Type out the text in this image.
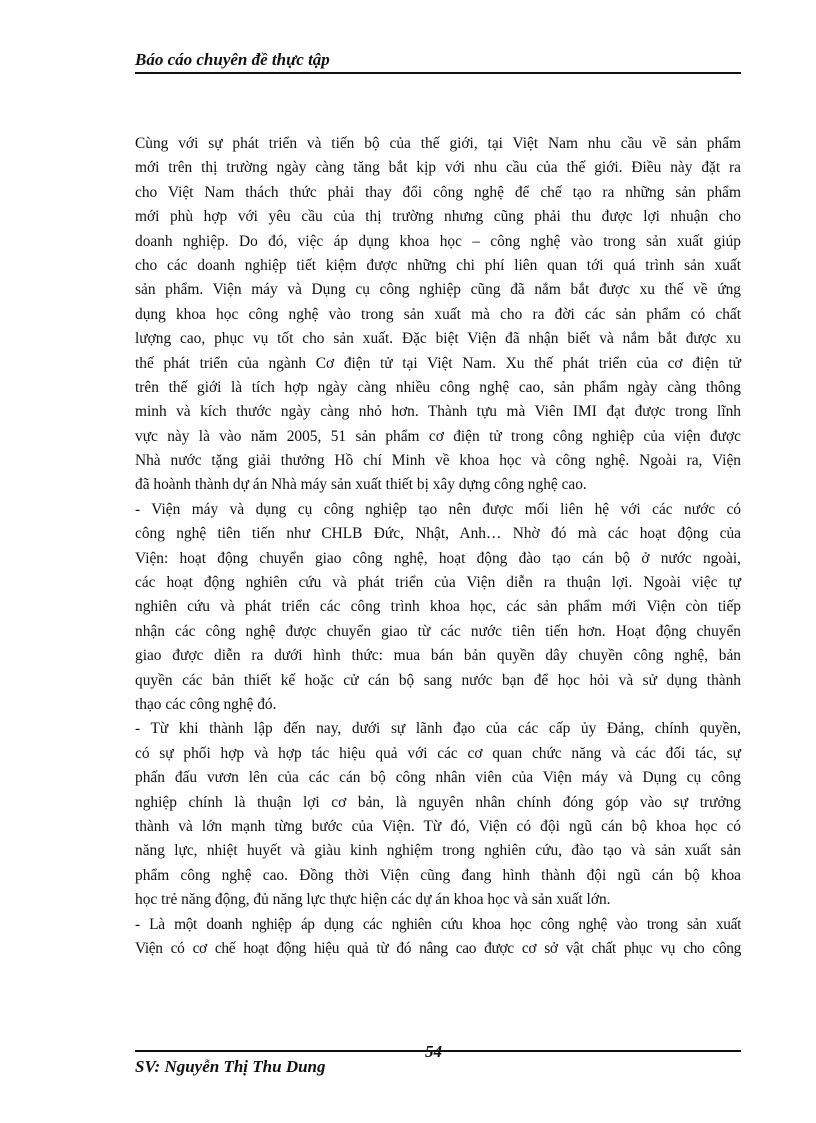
Báo cáo chuyên đề thực tập
Cùng với sự phát triển và tiến bộ của thế giới, tại Việt Nam nhu cầu về sản phẩm
mới trên thị trường ngày càng tăng bắt kịp với nhu cầu của thế giới. Điều này đặt ra
cho Việt Nam thách thức phải thay đổi công nghệ để chế tạo ra những sản phẩm
mới phù hợp với yêu cầu của thị trường nhưng cũng phải thu được lợi nhuận cho
doanh nghiệp. Do đó, việc áp dụng khoa học – công nghệ vào trong sản xuất giúp
cho các doanh nghiệp tiết kiệm được những chi phí liên quan tới quá trình sản xuất
sản phẩm. Viện máy và Dụng cụ công nghiệp cũng đã nắm bắt được xu thế về ứng
dụng khoa học công nghệ vào trong sản xuất mà cho ra đời các sản phẩm có chất
lượng cao, phục vụ tốt cho sản xuất. Đặc biệt Viện đã nhận biết và nắm bắt được xu
thế phát triển của ngành Cơ điện tử tại Việt Nam. Xu thế phát triển của cơ điện tử
trên thế giới là tích hợp ngày càng nhiều công nghệ cao, sản phẩm ngày càng thông
minh và kích thước ngày càng nhỏ hơn. Thành tựu mà Viên IMI đạt được trong lĩnh
vực này là vào năm 2005, 51 sản phẩm cơ điện tử trong công nghiệp của viện được
Nhà nước tặng giải thưởng Hồ chí Minh về khoa học và công nghệ. Ngoài ra, Viện
đã hoành thành dự án Nhà máy sản xuất thiết bị xây dựng công nghệ cao.
- Viện máy và dụng cụ công nghiệp tạo nên được mối liên hệ với các nước có
công nghệ tiên tiến như CHLB Đức, Nhật, Anh… Nhờ đó mà các hoạt động của
Viện: hoạt động chuyển giao công nghệ, hoạt động đào tạo cán bộ ở nước ngoài,
các hoạt động nghiên cứu và phát triển của Viện diễn ra thuận lợi. Ngoài việc tự
nghiên cứu và phát triển các công trình khoa học, các sản phẩm mới Viện còn tiếp
nhận các công nghệ được chuyển giao từ các nước tiên tiến hơn. Hoạt động chuyển
giao được diễn ra dưới hình thức: mua bán bản quyền dây chuyền công nghệ, bản
quyền các bản thiết kế hoặc cử cán bộ sang nước bạn để học hỏi và sử dụng thành
thạo các công nghệ đó.
- Từ khi thành lập đến nay, dưới sự lãnh đạo của các cấp ủy Đảng, chính quyền,
có sự phối hợp và hợp tác hiệu quả với các cơ quan chức năng và các đối tác, sự
phấn đấu vươn lên của các cán bộ công nhân viên của Viện máy và Dụng cụ công
nghiệp chính là thuận lợi cơ bản, là nguyên nhân chính đóng góp vào sự trưởng
thành và lớn mạnh từng bước của Viện. Từ đó, Viện có đội ngũ cán bộ khoa học có
năng lực, nhiệt huyết và giàu kinh nghiệm trong nghiên cứu, đào tạo và sản xuất sản
phẩm công nghệ cao. Đồng thời Viện cũng đang hình thành đội ngũ cán bộ khoa
học trẻ năng động, đủ năng lực thực hiện các dự án khoa học và sản xuất lớn.
- Là một doanh nghiệp áp dụng các nghiên cứu khoa học công nghệ vào trong sản xuất
Viện có cơ chế hoạt động hiệu quả từ đó nâng cao được cơ sở vật chất phục vụ cho công
SV: Nguyễn Thị Thu Dung
54
